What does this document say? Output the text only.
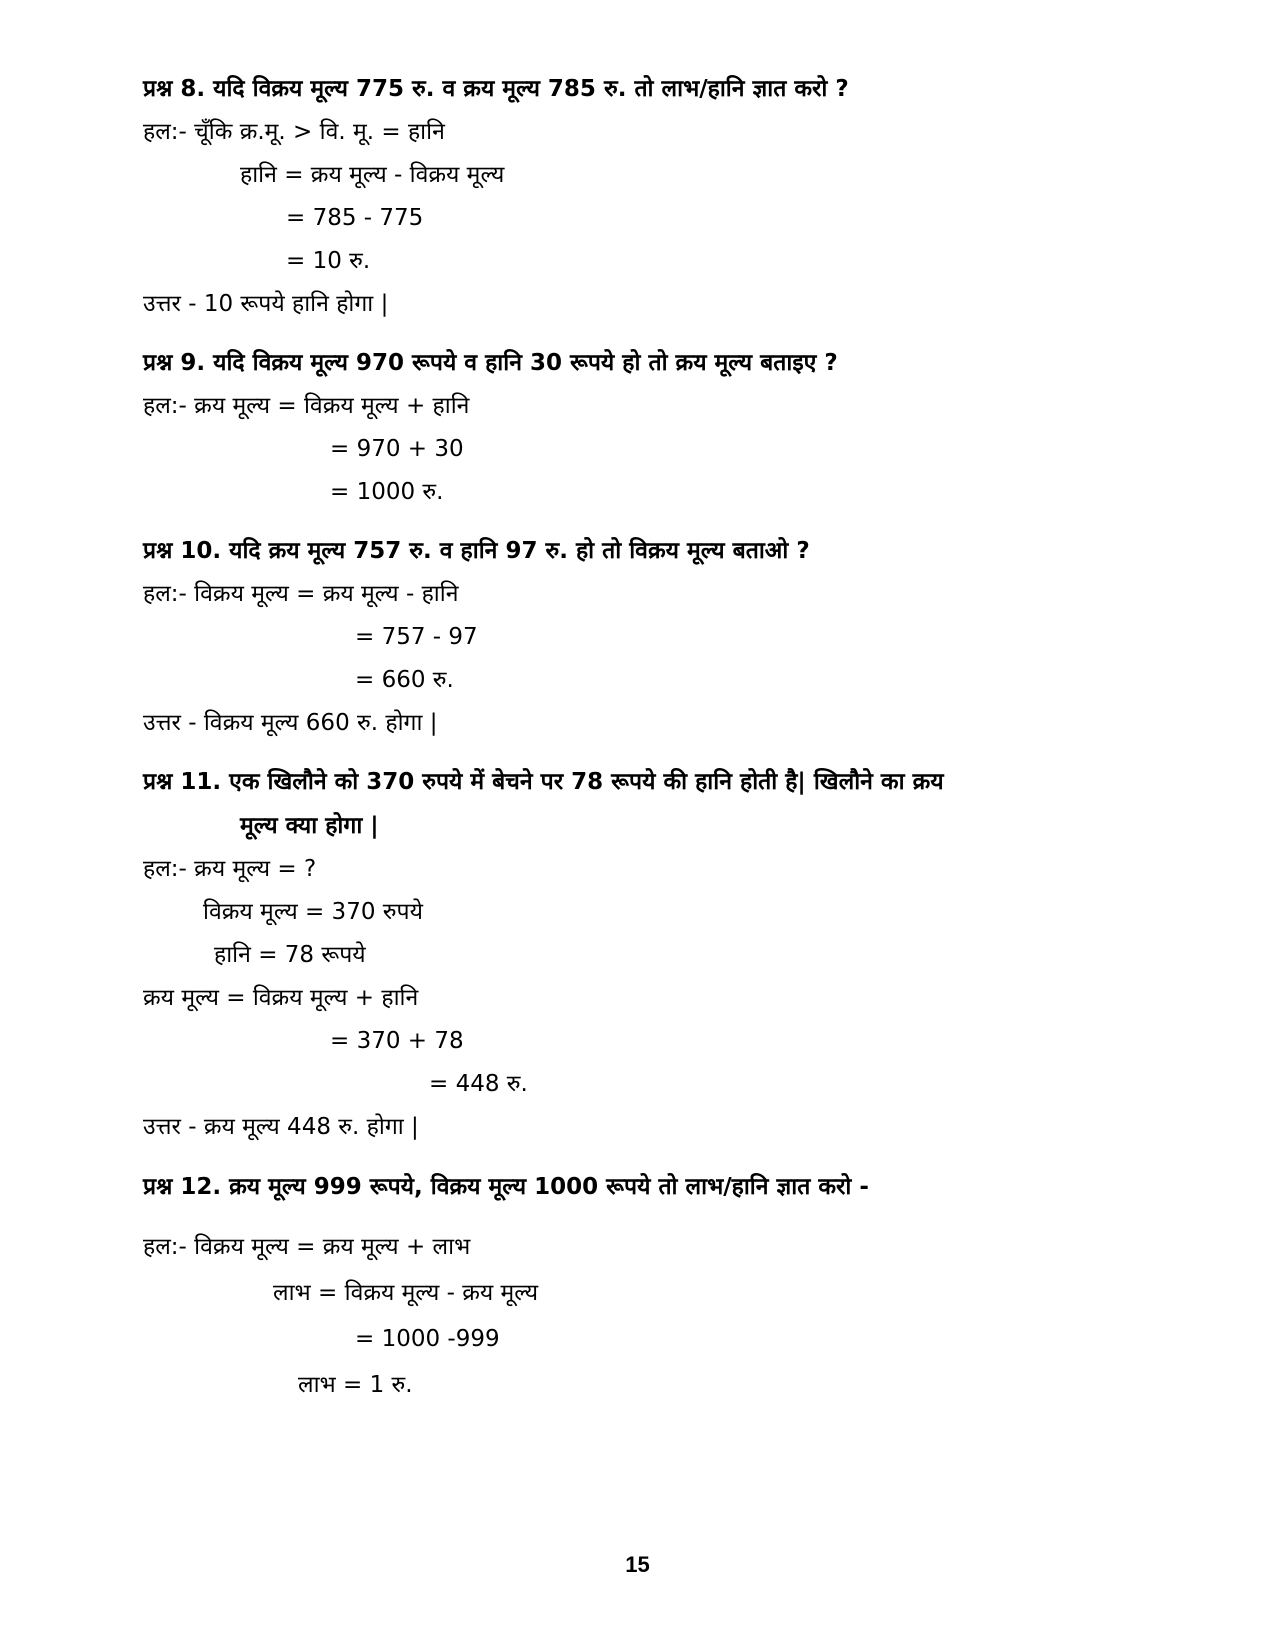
प्रश्न 8. यदि विक्रय मूल्य 775 रु. व क्रय मूल्य 785 रु. तो लाभ/हानि ज्ञात करो ?
हल:- चूँकि क्र.मू. > वि. मू. = हानि
हानि = क्रय मूल्य - विक्रय मूल्य
= 785 - 775
= 10 रु.
उत्तर - 10 रूपये हानि होगा |
प्रश्न 9. यदि विक्रय मूल्य 970 रूपये व हानि 30 रूपये हो तो क्रय मूल्य बताइए ?
हल:- क्रय मूल्य = विक्रय मूल्य + हानि
= 970 + 30
= 1000 रु.
प्रश्न 10. यदि क्रय मूल्य 757 रु. व हानि 97 रु. हो तो विक्रय मूल्य बताओ ?
हल:- विक्रय मूल्य = क्रय मूल्य - हानि
= 757 - 97
= 660 रु.
उत्तर - विक्रय मूल्य 660 रु. होगा |
प्रश्न 11. एक खिलौने को 370 रुपये में बेचने पर 78 रूपये की हानि होती है| खिलौने का क्रय
मूल्य क्या होगा |
हल:- क्रय मूल्य = ?
विक्रय मूल्य = 370 रुपये
हानि = 78 रूपये
क्रय मूल्य = विक्रय मूल्य + हानि
= 370 + 78
= 448 रु.
उत्तर - क्रय मूल्य 448 रु. होगा |
प्रश्न 12. क्रय मूल्य 999 रूपये, विक्रय मूल्य 1000 रूपये तो लाभ/हानि ज्ञात करो -
हल:- विक्रय मूल्य = क्रय मूल्य + लाभ
लाभ = विक्रय मूल्य - क्रय मूल्य
= 1000 -999
लाभ = 1 रु.
15
